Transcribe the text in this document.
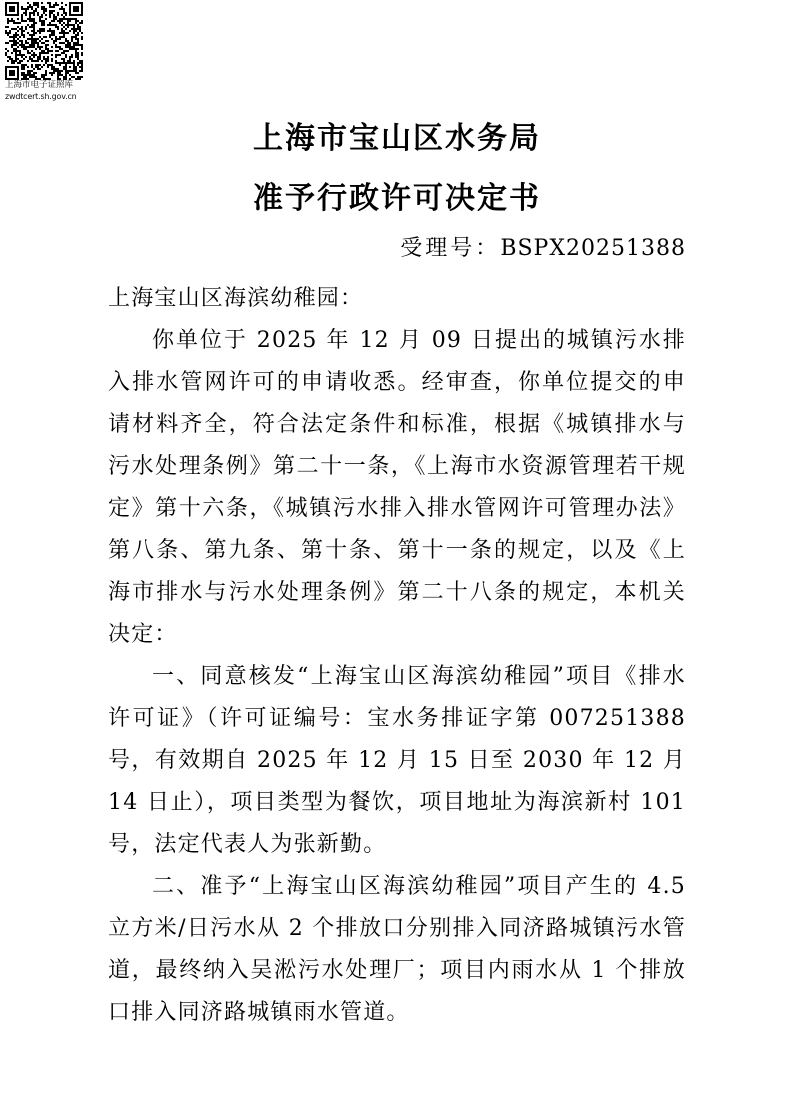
上海市电子证照库
zwdtcert.sh.gov.cn
上海市宝山区水务局
准予行政许可决定书
受理号：BSPX20251388
上海宝山区海滨幼稚园：

你单位于 2025 年 12 月 09 日提出的城镇污水排入排水管网许可的申请收悉。经审查，你单位提交的申请材料齐全，符合法定条件和标准，根据《城镇排水与污水处理条例》第二十一条，《上海市水资源管理若干规定》第十六条，《城镇污水排入排水管网许可管理办法》第八条、第九条、第十条、第十一条的规定，以及《上海市排水与污水处理条例》第二十八条的规定，本机关决定：

一、同意核发“上海宝山区海滨幼稚园”项目《排水许可证》（许可证编号：宝水务排证字第 007251388 号，有效期自 2025 年 12 月 15 日至 2030 年 12 月 14 日止），项目类型为餐饮，项目地址为海滨新村 101 号，法定代表人为张新勤。

二、准予“上海宝山区海滨幼稚园”项目产生的 4.5 立方米/日污水从 2 个排放口分别排入同济路城镇污水管道，最终纳入吴淞污水处理厂；项目内雨水从 1 个排放口排入同济路城镇雨水管道。
